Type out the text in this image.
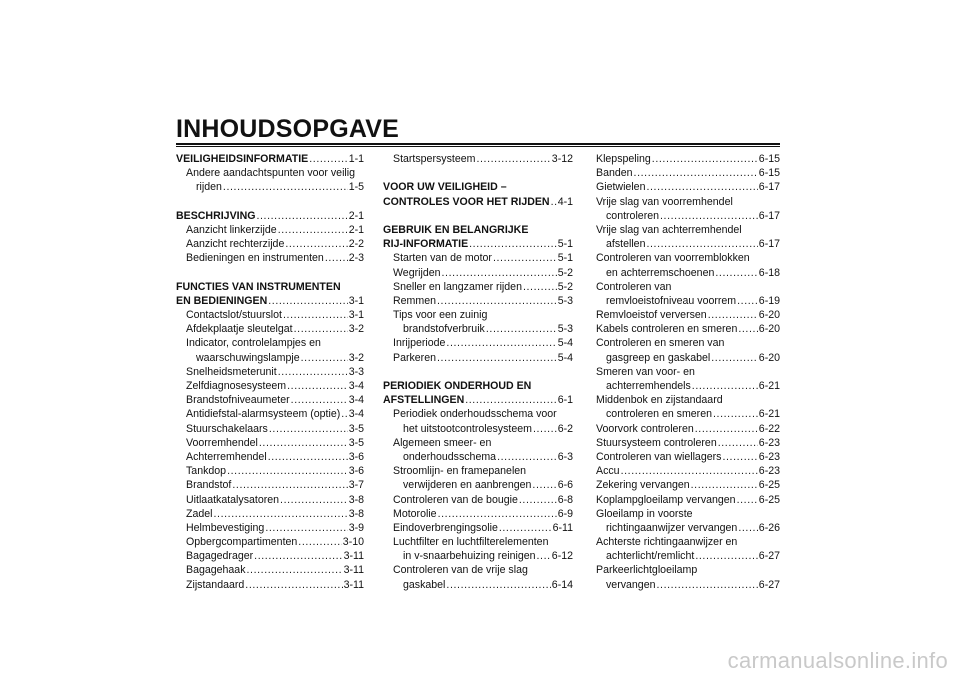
INHOUDSOPGAVE
VEILIGHEIDSINFORMATIE .....	1-1
Andere aandachtspunten voor veilig
rijden .....	1-5
BESCHRIJVING .....	2-1
Aanzicht linkerzijde .....	2-1
Aanzicht rechterzijde .....	2-2
Bedieningen en instrumenten ..... 2-3
FUNCTIES VAN INSTRUMENTEN
EN BEDIENINGEN .....	3-1
Contactslot/stuurslot .....	3-1
Afdekplaatje sleutelgat .....	3-2
Indicator, controlelampjes en
waarschuwingslampje .....	3-2
Snelheidsmeterunit .....	3-3
Zelfdiagnosesysteem .....	3-4
Brandstofniveaumeter .....	3-4
Antidiefstal-alarmsysteem (optie) ..... 3-4
Stuurschakelaars .....	3-5
Voorremhendel .....	3-5
Achterremhendel .....	3-6
Tankdop .....	3-6
Brandstof .....	3-7
Uitlaatkatalysatoren .....	3-8
Zadel .....	3-8
Helmbevestiging .....	3-9
Opbergcompartimenten .....	3-10
Bagagedrager .....	3-11
Bagagehaak .....	3-11
Zijstandaard .....	3-11
Startspersysteem .....	3-12
VOOR UW VEILIGHEID –
CONTROLES VOOR HET RIJDEN ..... 4-1
GEBRUIK EN BELANGRIJKE
RIJ-INFORMATIE .....	5-1
Starten van de motor .....	5-1
Wegrijden .....	5-2
Sneller en langzamer rijden .....	5-2
Remmen .....	5-3
Tips voor een zuinig
brandstofverbruik .....	5-3
Inrijperiode .....	5-4
Parkeren .....	5-4
PERIODIEK ONDERHOUD EN
AFSTELLINGEN .....	6-1
Periodiek onderhoudsschema voor
het uitstootcontrolesysteem ..... 6-2
Algemeen smeer- en
onderhoudsschema .....	6-3
Stroomlijn- en framepanelen
verwijderen en aanbrengen ..... 6-6
Controleren van de bougie .....	6-8
Motorolie .....	6-9
Eindoverbrengingsolie .....	6-11
Luchtfilter en luchtfilterelementen
in v-snaarbehuizing reinigen ..... 6-12
Controleren van de vrije slag
gaskabel .....	6-14
Klepspeling .....	6-15
Banden .....	6-15
Gietwielen .....	6-17
Vrije slag van voorremhendel
controleren .....	6-17
Vrije slag van achterremhendel
afstellen .....	6-17
Controleren van voorremblokken
en achterremschoenen .....	6-18
Controleren van
remvloeistofniveau voorrem ..... 6-19
Remvloeistof verversen .....	6-20
Kabels controleren en smeren ..... 6-20
Controleren en smeren van
gasgreep en gaskabel .....	6-20
Smeren van voor- en
achterremhendels .....	6-21
Middenbok en zijstandaard
controleren en smeren .....	6-21
Voorvork controleren .....	6-22
Stuursysteem controleren .....	6-23
Controleren van wiellagers .....	6-23
Accu .....	6-23
Zekering vervangen .....	6-25
Koplampgloeilamp vervangen ..... 6-25
Gloeilamp in voorste
richtingaanwijzer vervangen ..... 6-26
Achterste richtingaanwijzer en
achterlicht/remlicht .....	6-27
Parkeerlichtgloeilamp
vervangen .....	6-27
carmanualsonline.info
